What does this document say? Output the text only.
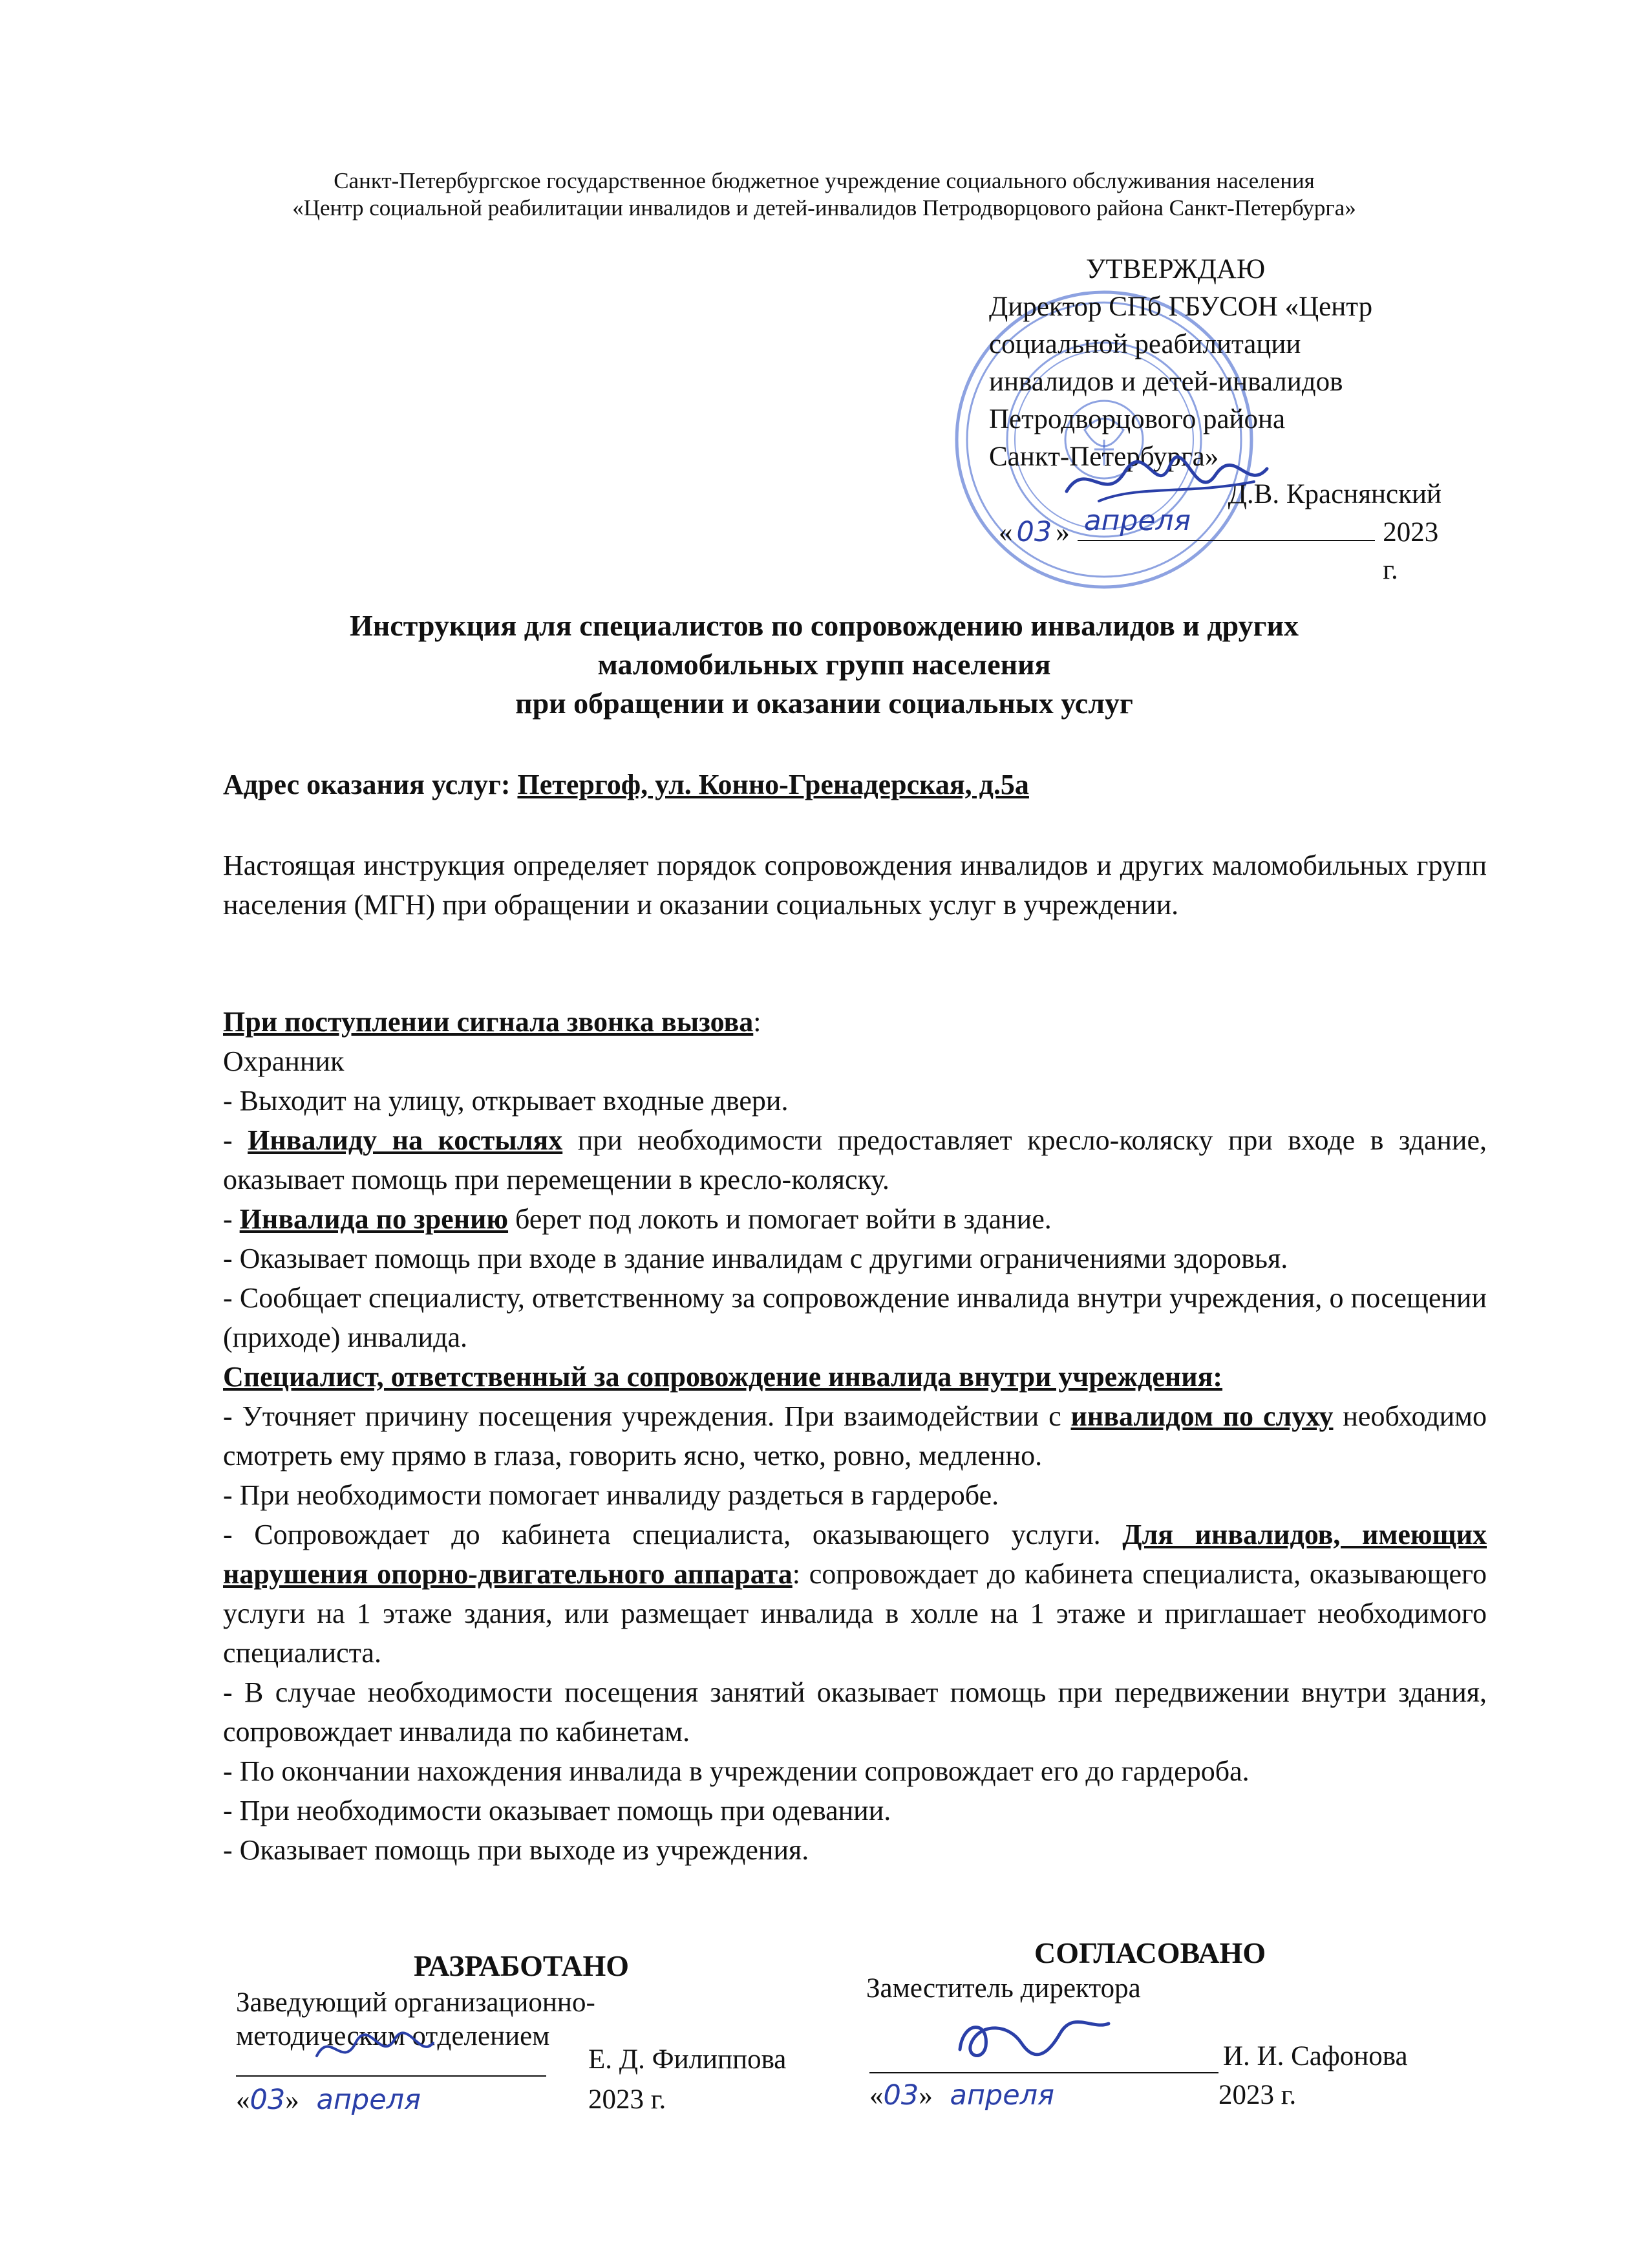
Санкт-Петербургское государственное бюджетное учреждение социального обслуживания населения
«Центр социальной реабилитации инвалидов и детей-инвалидов Петродворцового района Санкт-Петербурга»
УТВЕРЖДАЮ
Директор СПб ГБУСОН «Центр
социальной реабилитации
инвалидов и детей-инвалидов
Петродворцового района
Санкт-Петербурга»
Д.В. Краснянский
« 03 » апреля	2023 г.
Инструкция для специалистов по сопровождению инвалидов и других
маломобильных групп населения
при обращении и оказании социальных услуг
Адрес оказания услуг: Петергоф, ул. Конно-Гренадерская, д.5а
Настоящая инструкция определяет порядок сопровождения инвалидов и других маломобильных групп населения (МГН) при обращении и оказании социальных услуг в учреждении.

При поступлении сигнала звонка вызова:

Охранник

- Выходит на улицу, открывает входные двери.

- Инвалиду на костылях при необходимости предоставляет кресло-коляску при входе в здание, оказывает помощь при перемещении в кресло-коляску.

- Инвалида по зрению берет под локоть и помогает войти в здание.

- Оказывает помощь при входе в здание инвалидам с другими ограничениями здоровья.

- Сообщает специалисту, ответственному за сопровождение инвалида внутри учреждения, о посещении (приходе) инвалида.

Специалист, ответственный за сопровождение инвалида внутри учреждения:

- Уточняет причину посещения учреждения. При взаимодействии с инвалидом по слуху необходимо смотреть ему прямо в глаза, говорить ясно, четко, ровно, медленно.

- При необходимости помогает инвалиду раздеться в гардеробе.

- Сопровождает до кабинета специалиста, оказывающего услуги. Для инвалидов, имеющих нарушения опорно-двигательного аппарата: сопровождает до кабинета специалиста, оказывающего услуги на 1 этаже здания, или размещает инвалида в холле на 1 этаже и приглашает необходимого специалиста.

- В случае необходимости посещения занятий оказывает помощь при передвижении внутри здания, сопровождает инвалида по кабинетам.

- По окончании нахождения инвалида в учреждении сопровождает его до гардероба.

- При необходимости оказывает помощь при одевании.

- Оказывает помощь при выходе из учреждения.

РАЗРАБОТАНО
Заведующий организационно-
методическим отделением
Е. Д. Филиппова
«03» апреля	2023 г.
СОГЛАСОВАНО
Заместитель директора
И. И. Сафонова
«03» апреля	2023 г.
